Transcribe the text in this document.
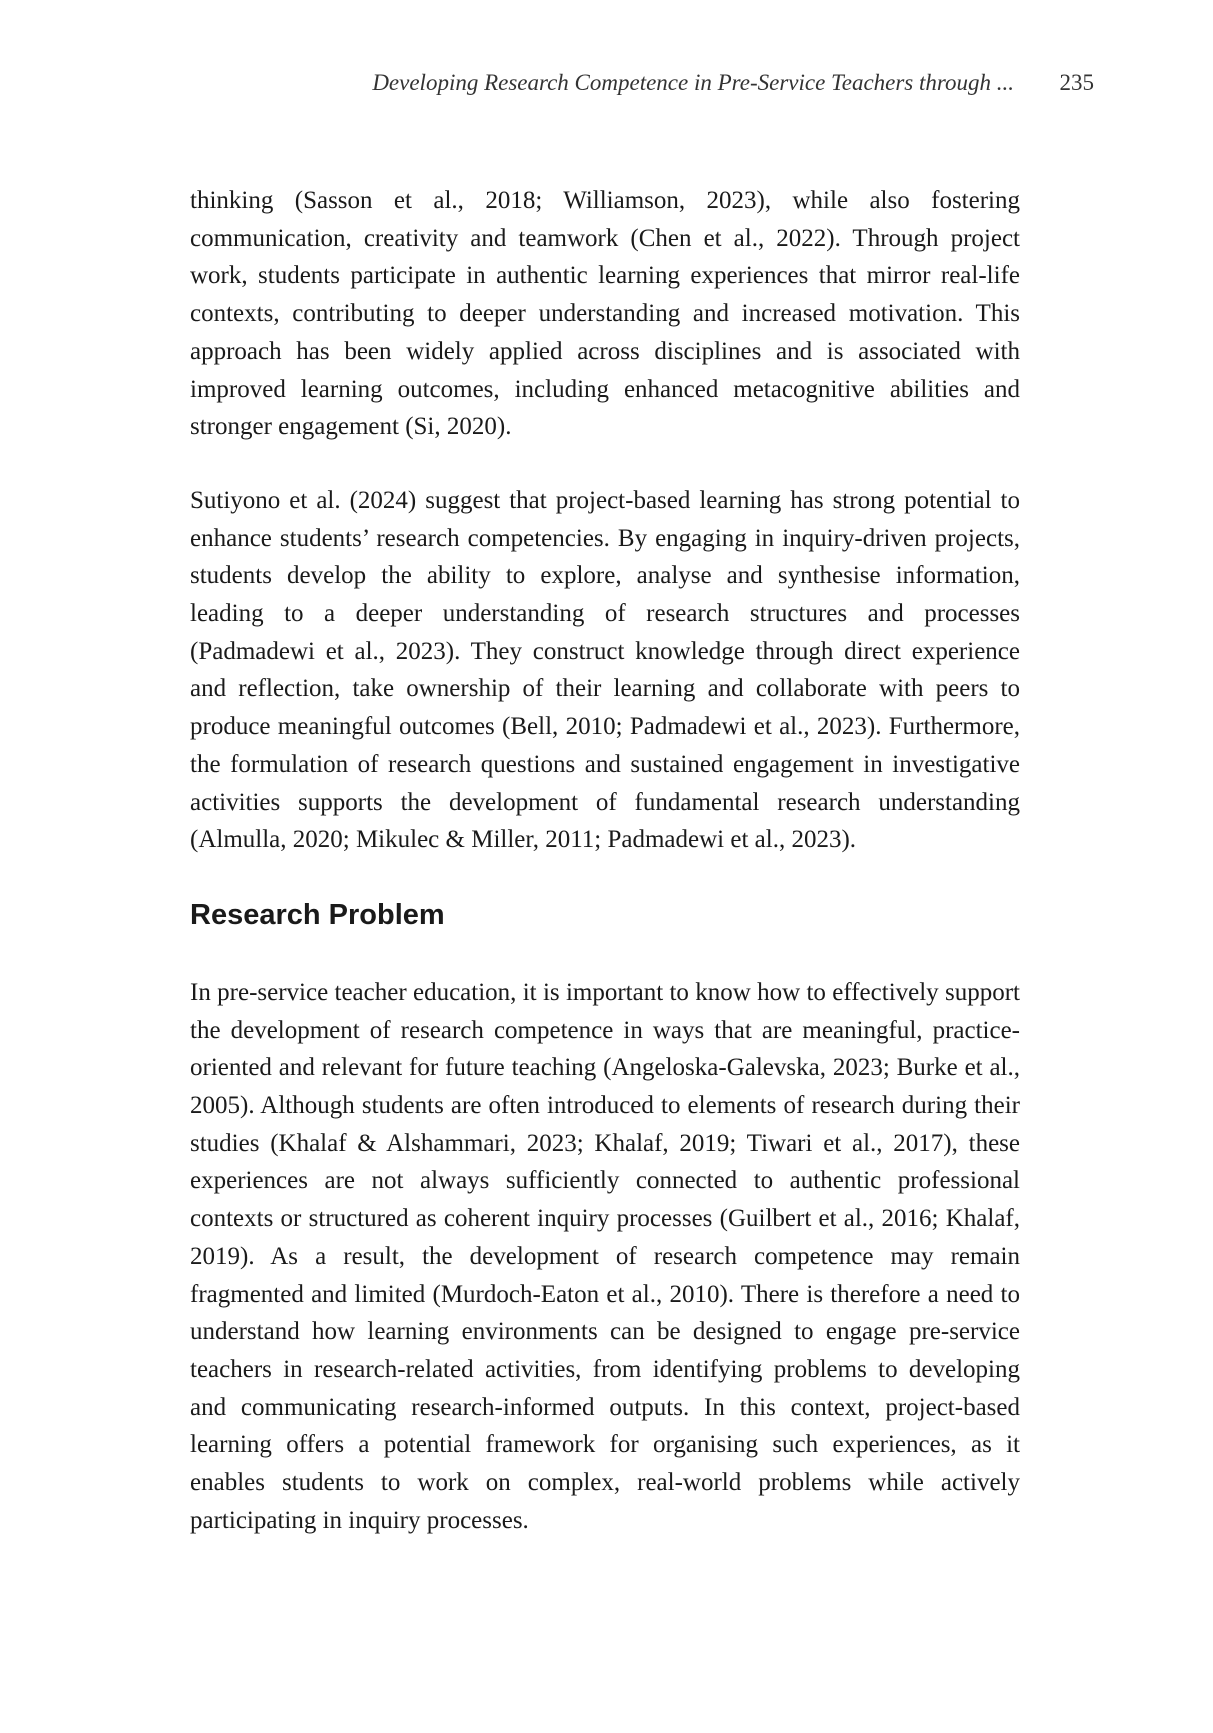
Developing Research Competence in Pre-Service Teachers through ... 235

thinking (Sasson et al., 2018; Williamson, 2023), while also fostering communication, creativity and teamwork (Chen et al., 2022). Through project work, students participate in authentic learning experiences that mirror real-life contexts, contributing to deeper understanding and increased motivation. This approach has been widely applied across disciplines and is associated with improved learning outcomes, including enhanced metacognitive abilities and stronger engagement (Si, 2020).

Sutiyono et al. (2024) suggest that project-based learning has strong potential to enhance students’ research competencies. By engaging in inquiry-driven projects, students develop the ability to explore, analyse and synthesise information, leading to a deeper understanding of research structures and processes (Padmadewi et al., 2023). They construct knowledge through direct experience and reflection, take ownership of their learning and collaborate with peers to produce meaningful outcomes (Bell, 2010; Padmadewi et al., 2023). Furthermore, the formulation of research questions and sustained engagement in investigative activities supports the development of fundamental research understanding (Almulla, 2020; Mikulec & Miller, 2011; Padmadewi et al., 2023).

Research Problem

In pre-service teacher education, it is important to know how to effectively support the development of research competence in ways that are meaningful, practice-oriented and relevant for future teaching (Angeloska-Galevska, 2023; Burke et al., 2005). Although students are often introduced to elements of research during their studies (Khalaf & Alshammari, 2023; Khalaf, 2019; Tiwari et al., 2017), these experiences are not always sufficiently connected to authentic professional contexts or structured as coherent inquiry processes (Guilbert et al., 2016; Khalaf, 2019). As a result, the development of research competence may remain fragmented and limited (Murdoch-Eaton et al., 2010). There is therefore a need to understand how learning environments can be designed to engage pre-service teachers in research-related activities, from identifying problems to developing and communicating research-informed outputs. In this context, project-based learning offers a potential framework for organising such experiences, as it enables students to work on complex, real-world problems while actively participating in inquiry processes.
